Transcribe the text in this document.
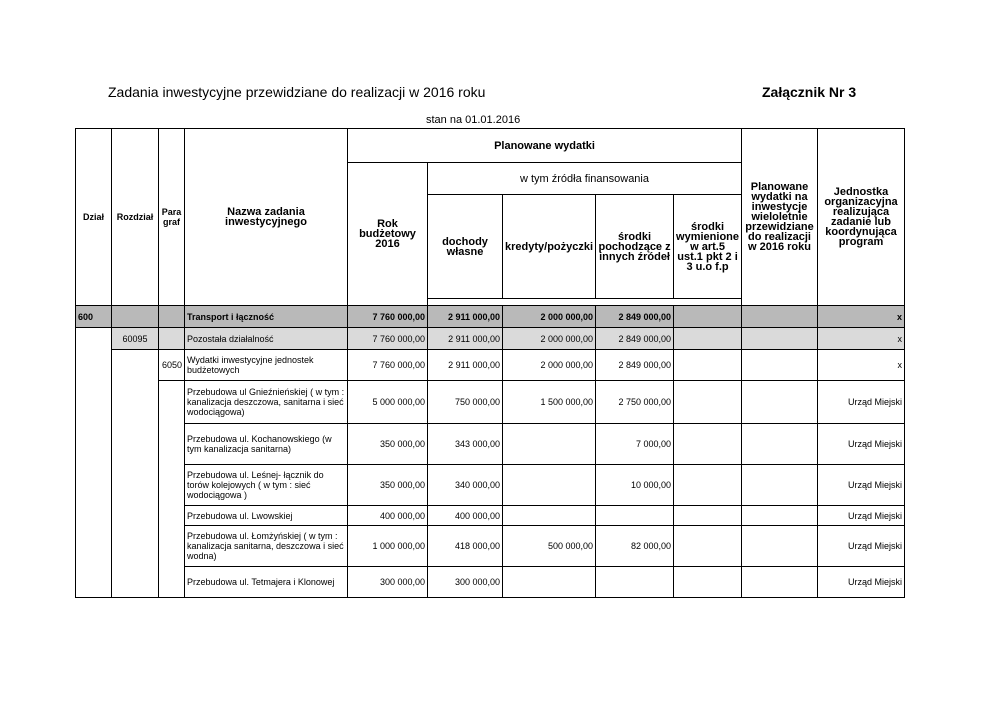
Zadania inwestycyjne przewidziane do realizacji w 2016 roku	Załącznik Nr 3
stan na 01.01.2016
Dział	Rozdział	Para graf	Nazwa zadania inwestycyjnego	Planowane wydatki					Planowane wydatki na inwestycje wieloletnie przewidziane do realizacji w 2016 roku	Jednostka organizacyjna realizująca zadanie lub koordynująca program
				Rok budżetowy 2016	w tym źródła finansowania					
					dochody własne	kredyty/pożyczki	środki pochodzące z innych źródeł	środki wymienione w art.5 ust.1 pkt 2 i 3 u.o f.p		

600			Transport i łączność	7 760 000,00	2 911 000,00	2 000 000,00	2 849 000,00			x
	60095		Pozostała działalność	7 760 000,00	2 911 000,00	2 000 000,00	2 849 000,00			x
		6050	Wydatki inwestycyjne jednostek budżetowych	7 760 000,00	2 911 000,00	2 000 000,00	2 849 000,00			x
			Przebudowa ul Gnieźnieńskiej ( w tym : kanalizacja deszczowa, sanitarna i sieć wodociągowa)	5 000 000,00	750 000,00	1 500 000,00	2 750 000,00			Urząd Miejski
			Przebudowa ul. Kochanowskiego (w tym kanalizacja sanitarna)	350 000,00	343 000,00		7 000,00			Urząd Miejski
			Przebudowa ul. Leśnej- łącznik do torów kolejowych ( w tym : sieć wodociągowa )	350 000,00	340 000,00		10 000,00			Urząd Miejski
			Przebudowa ul. Lwowskiej	400 000,00	400 000,00					Urząd Miejski
			Przebudowa ul. Łomżyńskiej ( w tym : kanalizacja sanitarna, deszczowa i sieć wodna)	1 000 000,00	418 000,00	500 000,00	82 000,00			Urząd Miejski
			Przebudowa ul. Tetmajera i Klonowej	300 000,00	300 000,00					Urząd Miejski
